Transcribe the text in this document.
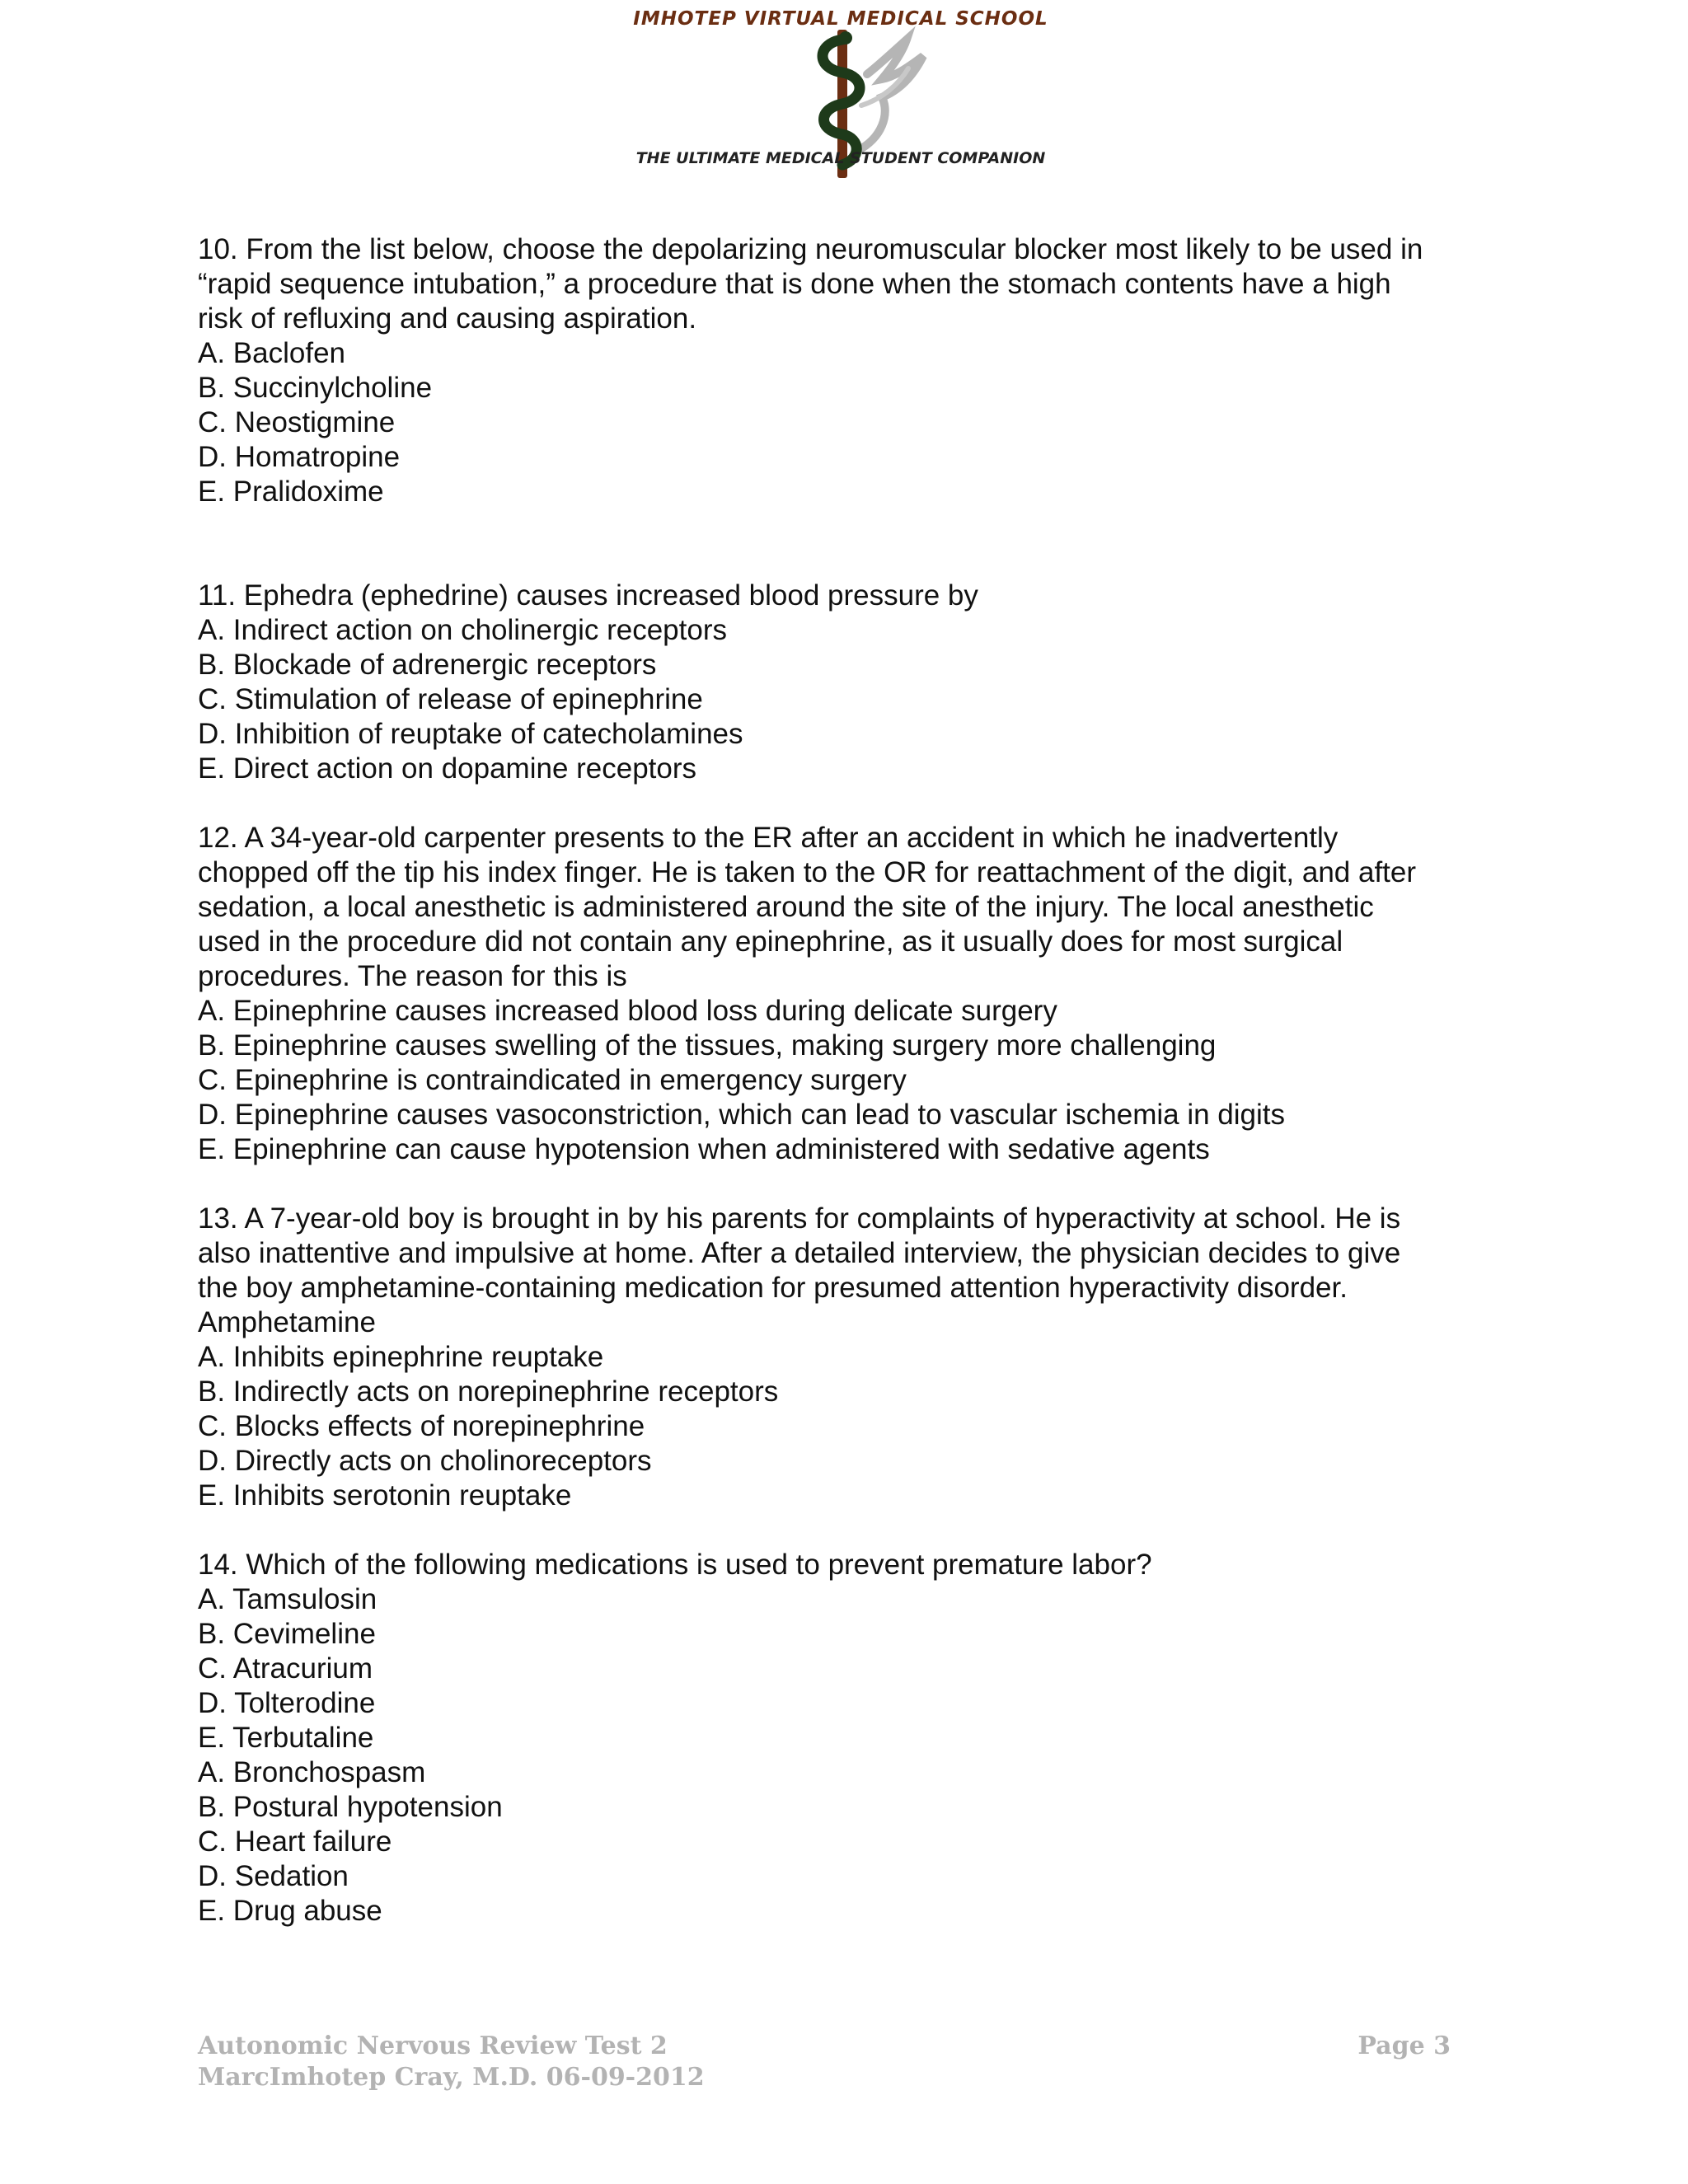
IMHOTEP VIRTUAL MEDICAL SCHOOL
THE ULTIMATE MEDICAL STUDENT COMPANION
10. From the list below, choose the depolarizing neuromuscular blocker most likely to be used in
“rapid sequence intubation,” a procedure that is done when the stomach contents have a high
risk of refluxing and causing aspiration.
A. Baclofen
B. Succinylcholine
C. Neostigmine
D. Homatropine
E. Pralidoxime
11. Ephedra (ephedrine) causes increased blood pressure by
A. Indirect action on cholinergic receptors
B. Blockade of adrenergic receptors
C. Stimulation of release of epinephrine
D. Inhibition of reuptake of catecholamines
E. Direct action on dopamine receptors
12. A 34-year-old carpenter presents to the ER after an accident in which he inadvertently
chopped off the tip his index finger. He is taken to the OR for reattachment of the digit, and after
sedation, a local anesthetic is administered around the site of the injury. The local anesthetic
used in the procedure did not contain any epinephrine, as it usually does for most surgical
procedures. The reason for this is
A. Epinephrine causes increased blood loss during delicate surgery
B. Epinephrine causes swelling of the tissues, making surgery more challenging
C. Epinephrine is contraindicated in emergency surgery
D. Epinephrine causes vasoconstriction, which can lead to vascular ischemia in digits
E. Epinephrine can cause hypotension when administered with sedative agents
13. A 7-year-old boy is brought in by his parents for complaints of hyperactivity at school. He is
also inattentive and impulsive at home. After a detailed interview, the physician decides to give
the boy amphetamine-containing medication for presumed attention hyperactivity disorder.
Amphetamine
A. Inhibits epinephrine reuptake
B. Indirectly acts on norepinephrine receptors
C. Blocks effects of norepinephrine
D. Directly acts on cholinoreceptors
E. Inhibits serotonin reuptake
14. Which of the following medications is used to prevent premature labor?
A. Tamsulosin
B. Cevimeline
C. Atracurium
D. Tolterodine
E. Terbutaline
A. Bronchospasm
B. Postural hypotension
C. Heart failure
D. Sedation
E. Drug abuse
Autonomic Nervous Review Test 2
MarcImhotep Cray, M.D. 06-09-2012
Page 3
